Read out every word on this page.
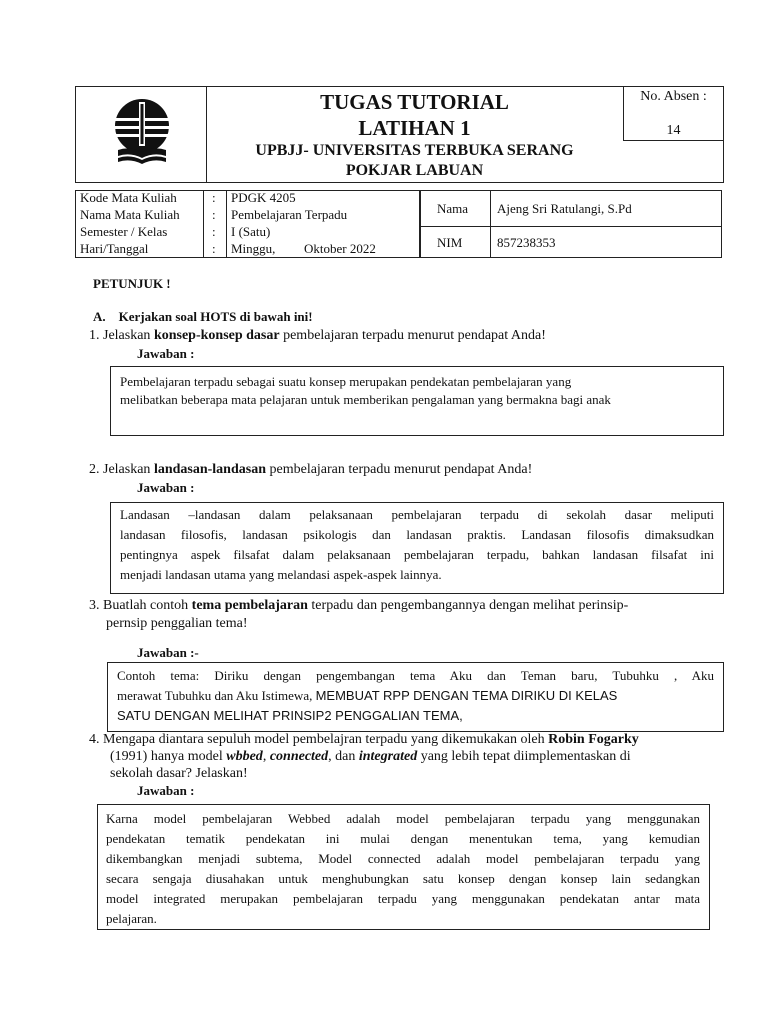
TUGAS TUTORIAL
LATIHAN 1
UPBJJ- UNIVERSITAS TERBUKA SERANG
POKJAR LABUAN
No. Absen :
14
Kode Mata Kuliah
Nama Mata Kuliah
Semester / Kelas
Hari/Tanggal
:
:
:
:
PDGK 4205
Pembelajaran Terpadu
I (Satu)
Minggu, Oktober 2022
Nama Ajeng Sri Ratulangi, S.Pd
NIM	857238353
PETUNJUK !
A.    Kerjakan soal HOTS di bawah ini!
1. Jelaskan konsep-konsep dasar pembelajaran terpadu menurut pendapat Anda!
Jawaban :
Pembelajaran terpadu sebagai suatu konsep merupakan pendekatan pembelajaran yang
melibatkan beberapa mata pelajaran untuk memberikan pengalaman yang bermakna bagi anak
2. Jelaskan landasan-landasan pembelajaran terpadu menurut pendapat Anda!
Jawaban :
Landasan –landasan dalam pelaksanaan pembelajaran terpadu di sekolah dasar meliputi
landasan filosofis, landasan psikologis dan landasan praktis. Landasan filosofis dimaksudkan
pentingnya aspek filsafat dalam pelaksanaan pembelajaran terpadu, bahkan landasan filsafat ini
menjadi landasan utama yang melandasi aspek-aspek lainnya.
3. Buatlah contoh tema pembelajaran terpadu dan pengembangannya dengan melihat perinsip-
pernsip penggalian tema!
Jawaban :-
Contoh tema: Diriku dengan pengembangan tema Aku dan Teman baru, Tubuhku , Aku
merawat Tubuhku dan Aku Istimewa, MEMBUAT RPP DENGAN TEMA DIRIKU DI KELAS
SATU DENGAN MELIHAT PRINSIP2 PENGGALIAN TEMA,
4. Mengapa diantara sepuluh model pembelajran terpadu yang dikemukakan oleh Robin Fogarky
(1991) hanya model wbbed, connected, dan integrated yang lebih tepat diimplementaskan di
sekolah dasar? Jelaskan!
Jawaban :
Karna model pembelajaran Webbed adalah model pembelajaran terpadu yang menggunakan
pendekatan tematik pendekatan ini mulai dengan menentukan tema, yang kemudian
dikembangkan menjadi subtema, Model connected adalah model pembelajaran terpadu yang
secara sengaja diusahakan untuk menghubungkan satu konsep dengan konsep lain sedangkan
model integrated merupakan pembelajaran terpadu yang menggunakan pendekatan antar mata
pelajaran.
